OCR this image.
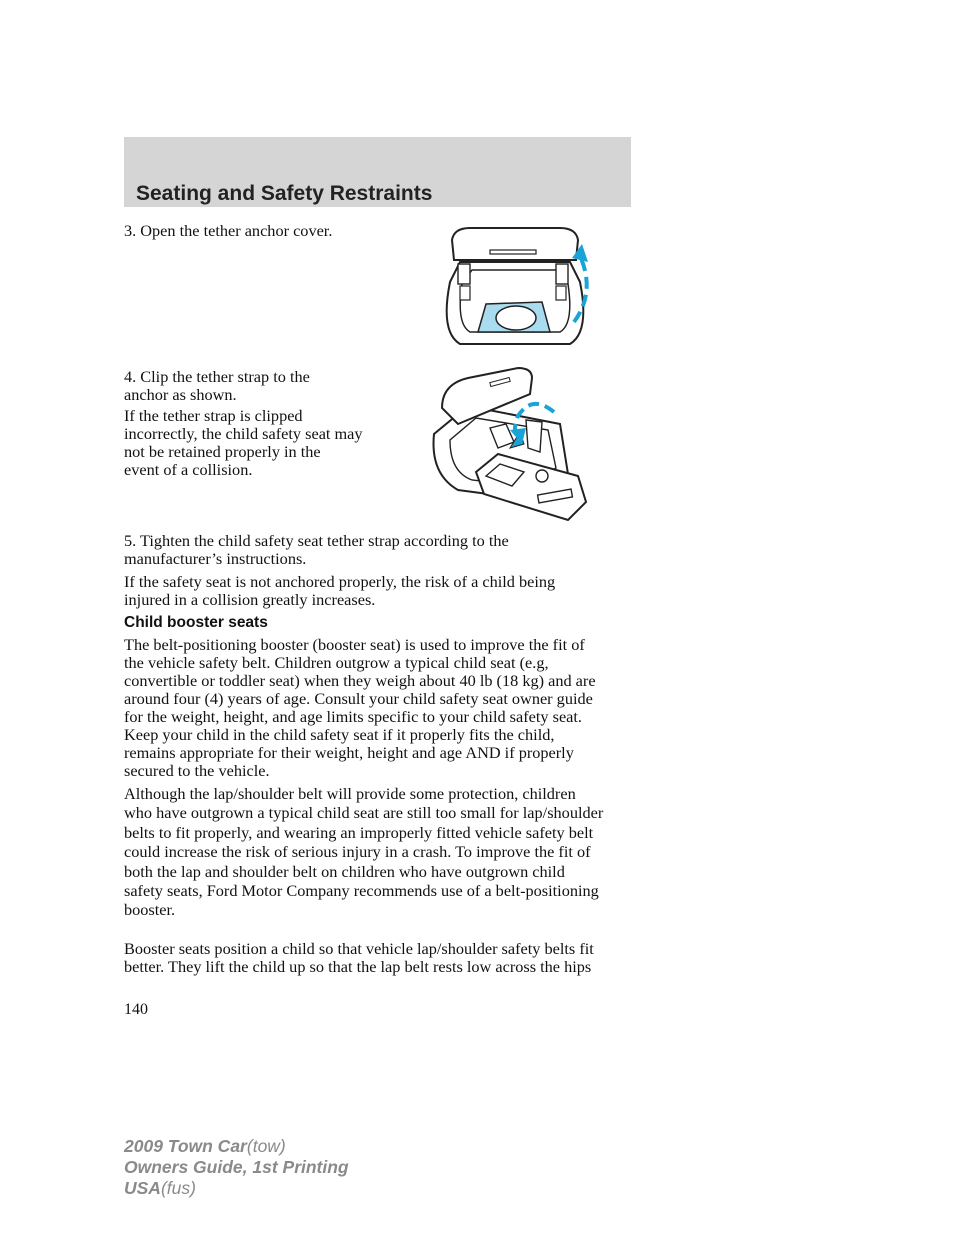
Seating and Safety Restraints

3. Open the tether anchor cover.

4. Clip the tether strap to the

anchor as shown.

If the tether strap is clipped

incorrectly, the child safety seat may

not be retained properly in the

event of a collision.

5. Tighten the child safety seat tether strap according to the

manufacturer’s instructions.

If the safety seat is not anchored properly, the risk of a child being

injured in a collision greatly increases.

Child booster seats

The belt-positioning booster (booster seat) is used to improve the fit of

the vehicle safety belt. Children outgrow a typical child seat (e.g,

convertible or toddler seat) when they weigh about 40 lb (18 kg) and are

around four (4) years of age. Consult your child safety seat owner guide

for the weight, height, and age limits specific to your child safety seat.

Keep your child in the child safety seat if it properly fits the child,

remains appropriate for their weight, height and age AND if properly

secured to the vehicle.

Although the lap/shoulder belt will provide some protection, children

who have outgrown a typical child seat are still too small for lap/shoulder

belts to fit properly, and wearing an improperly fitted vehicle safety belt

could increase the risk of serious injury in a crash. To improve the fit of

both the lap and shoulder belt on children who have outgrown child

safety seats, Ford Motor Company recommends use of a belt-positioning

booster.

Booster seats position a child so that vehicle lap/shoulder safety belts fit

better. They lift the child up so that the lap belt rests low across the hips

140

2009 Town Car(tow)
Owners Guide, 1st Printing
USA(fus)
